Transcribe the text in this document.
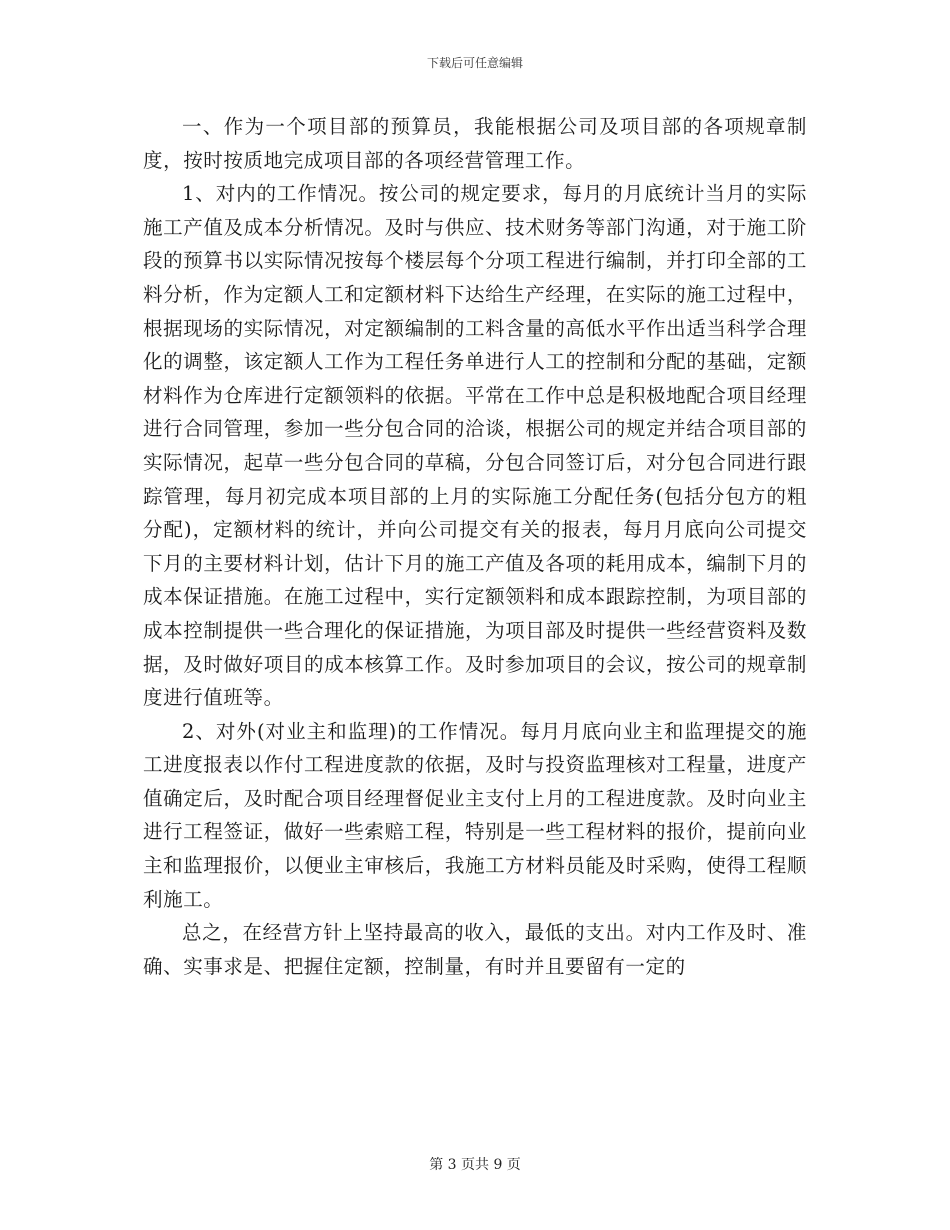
下载后可任意编辑

一、作为一个项目部的预算员，我能根据公司及项目部的各项规章制度，按时按质地完成项目部的各项经营管理工作。

1、对内的工作情况。按公司的规定要求，每月的月底统计当月的实际施工产值及成本分析情况。及时与供应、技术财务等部门沟通，对于施工阶段的预算书以实际情况按每个楼层每个分项工程进行编制，并打印全部的工料分析，作为定额人工和定额材料下达给生产经理，在实际的施工过程中，根据现场的实际情况，对定额编制的工料含量的高低水平作出适当科学合理化的调整，该定额人工作为工程任务单进行人工的控制和分配的基础，定额材料作为仓库进行定额领料的依据。平常在工作中总是积极地配合项目经理进行合同管理，参加一些分包合同的洽谈，根据公司的规定并结合项目部的实际情况，起草一些分包合同的草稿，分包合同签订后，对分包合同进行跟踪管理，每月初完成本项目部的上月的实际施工分配任务(包括分包方的粗分配)，定额材料的统计，并向公司提交有关的报表，每月月底向公司提交下月的主要材料计划，估计下月的施工产值及各项的耗用成本，编制下月的成本保证措施。在施工过程中，实行定额领料和成本跟踪控制，为项目部的成本控制提供一些合理化的保证措施，为项目部及时提供一些经营资料及数据，及时做好项目的成本核算工作。及时参加项目的会议，按公司的规章制度进行值班等。

2、对外(对业主和监理)的工作情况。每月月底向业主和监理提交的施工进度报表以作付工程进度款的依据，及时与投资监理核对工程量，进度产值确定后，及时配合项目经理督促业主支付上月的工程进度款。及时向业主进行工程签证，做好一些索赔工程，特别是一些工程材料的报价，提前向业主和监理报价，以便业主审核后，我施工方材料员能及时采购，使得工程顺利施工。

总之，在经营方针上坚持最高的收入，最低的支出。对内工作及时、准确、实事求是、把握住定额，控制量，有时并且要留有一定的

第 3 页共 9 页
